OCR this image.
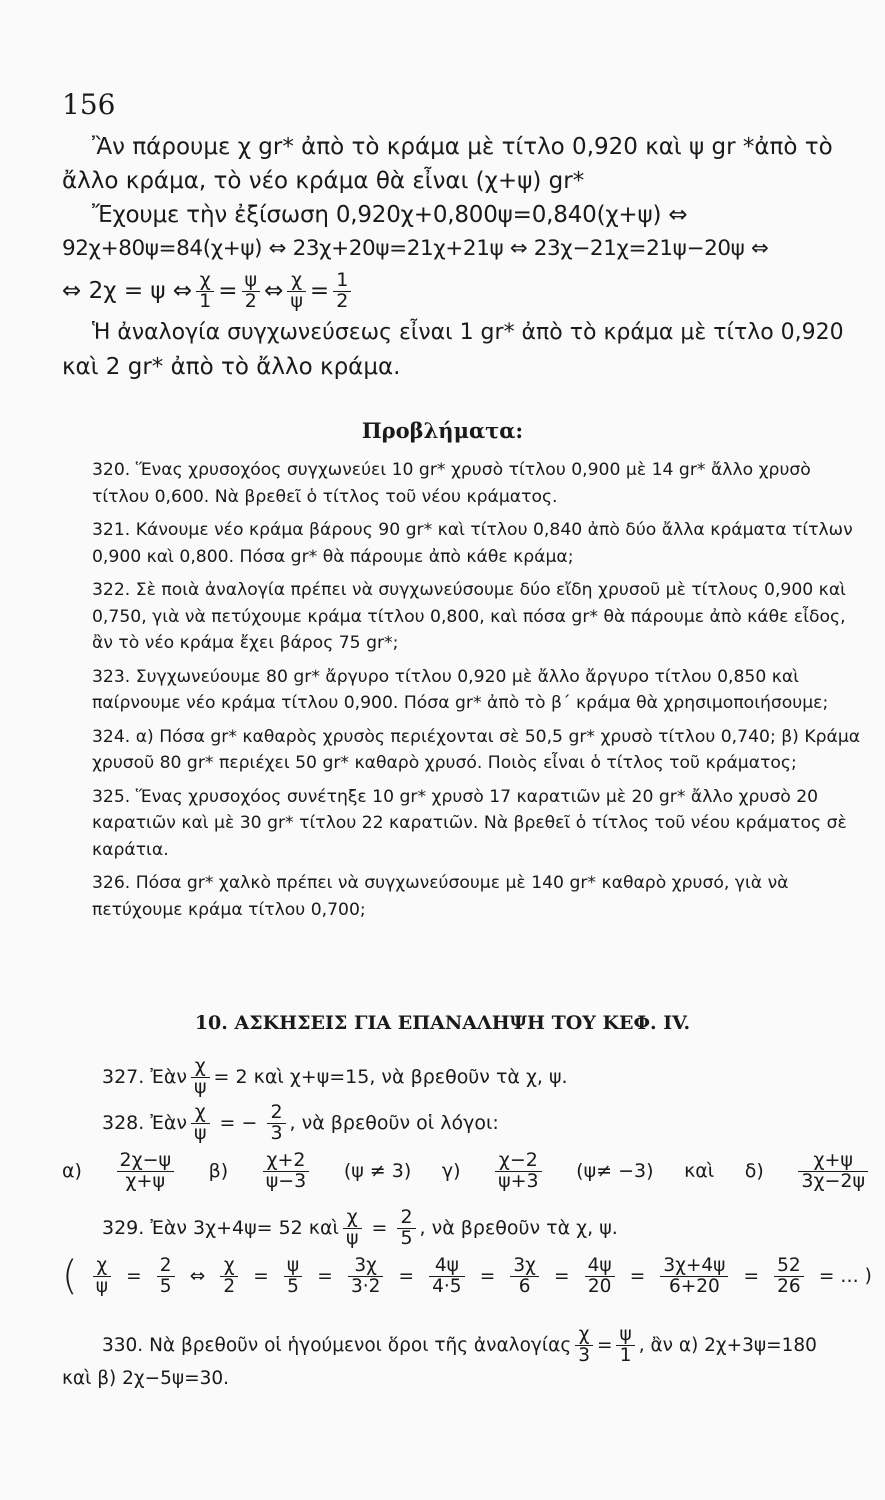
156
Ἂν πάρουμε χ gr* ἀπὸ τὸ κράμα μὲ τίτλο 0,920 καὶ ψ gr *ἀπὸ τὸ
ἄλλο κράμα, τὸ νέο κράμα θὰ εἶναι (χ+ψ) gr*
Ἔχουμε τὴν ἐξίσωση 0,920χ+0,800ψ=0,840(χ+ψ) ⇔
92χ+80ψ=84(χ+ψ) ⇔ 23χ+20ψ=21χ+21ψ ⇔ 23χ−21χ=21ψ−20ψ ⇔
⇔ 2χ = ψ ⇔ $\frac{\chi}{1} = \frac{\psi}{2}$ ⇔ $\frac{\chi}{\psi} = \frac{1}{2}$
Ἡ ἀναλογία συγχωνεύσεως εἶναι 1 gr* ἀπὸ τὸ κράμα μὲ τίτλο 0,920
καὶ 2 gr* ἀπὸ τὸ ἄλλο κράμα.
Προβλήματα:
320. Ἕνας χρυσοχόος συγχωνεύει 10 gr* χρυσὸ τίτλου 0,900 μὲ 14 gr* ἄλλο χρυσὸ τίτλου 0,600. Νὰ βρεθεῖ ὁ τίτλος τοῦ νέου κράματος.
321. Κάνουμε νέο κράμα βάρους 90 gr* καὶ τίτλου 0,840 ἀπὸ δύο ἄλλα κράματα τίτλων 0,900 καὶ 0,800. Πόσα gr* θὰ πάρουμε ἀπὸ κάθε κράμα;
322. Σὲ ποιὰ ἀναλογία πρέπει νὰ συγχωνεύσουμε δύο εἴδη χρυσοῦ μὲ τίτλους 0,900 καὶ 0,750, γιὰ νὰ πετύχουμε κράμα τίτλου 0,800, καὶ πόσα gr* θὰ πάρουμε ἀπὸ κάθε εἶδος, ἂν τὸ νέο κράμα ἔχει βάρος 75 gr*;
323. Συγχωνεύουμε 80 gr* ἄργυρο τίτλου 0,920 μὲ ἄλλο ἄργυρο τίτλου 0,850 καὶ παίρνουμε νέο κράμα τίτλου 0,900. Πόσα gr* ἀπὸ τὸ β΄ κράμα θὰ χρησιμοποιήσουμε;
324. α) Πόσα gr* καθαρὸς χρυσὸς περιέχονται σὲ 50,5 gr* χρυσὸ τίτλου 0,740; β) Κράμα χρυσοῦ 80 gr* περιέχει 50 gr* καθαρὸ χρυσό. Ποιὸς εἶναι ὁ τίτλος τοῦ κράματος;
325. Ἕνας χρυσοχόος συνέτηξε 10 gr* χρυσὸ 17 καρατιῶν μὲ 20 gr* ἄλλο χρυσὸ 20 καρατιῶν καὶ μὲ 30 gr* τίτλου 22 καρατιῶν. Νὰ βρεθεῖ ὁ τίτλος τοῦ νέου κράματος σὲ καράτια.
326. Πόσα gr* χαλκὸ πρέπει νὰ συγχωνεύσουμε μὲ 140 gr* καθαρὸ χρυσό, γιὰ νὰ πετύχουμε κράμα τίτλου 0,700;
10. ΑΣΚΗΣΕΙΣ ΓΙΑ ΕΠΑΝΑΛΗΨΗ ΤΟΥ ΚΕΦ. IV.
327. Ἐὰν $\frac{\chi}{\psi} = 2$ καὶ χ+ψ=15, νὰ βρεθοῦν τὰ χ, ψ.
328. Ἐὰν $\frac{\chi}{\psi}$ = − $\frac{2}{3}$ , νὰ βρεθοῦν οἱ λόγοι:
$\alpha) \frac{2\chi-\psi}{\chi+\psi} \beta) \frac{\chi+2}{\psi-3} (\psi \ne 3)$ $\gamma) \frac{\chi-2}{\psi+3} (\psi\ne -3)$ καὶ $\delta) \frac{\chi+\psi}{3\chi-2\psi}$
329. Ἐὰν 3χ+4ψ= 52 καὶ $\frac{\chi}{\psi} = \frac{2}{5}$ , νὰ βρεθοῦν τὰ χ, ψ.
( $\frac{\chi}{\psi} = \frac{2}{5}$ ⇔ $\frac{\chi}{2} = \frac{\psi}{5} = \frac{3\chi}{3\cdot 2} = \frac{4\psi}{4\cdot 5} = \frac{3\chi}{6} = \frac{4\psi}{20} = \frac{3\chi+4\psi}{6+20} = \frac{52}{26}$ = … )
330. Νὰ βρεθοῦν οἱ ἡγούμενοι ὅροι τῆς ἀναλογίας $\frac{\chi}{3} = \frac{\psi}{1}$ , ἂν α) 2χ+3ψ=180
καὶ β) 2χ−5ψ=30.
